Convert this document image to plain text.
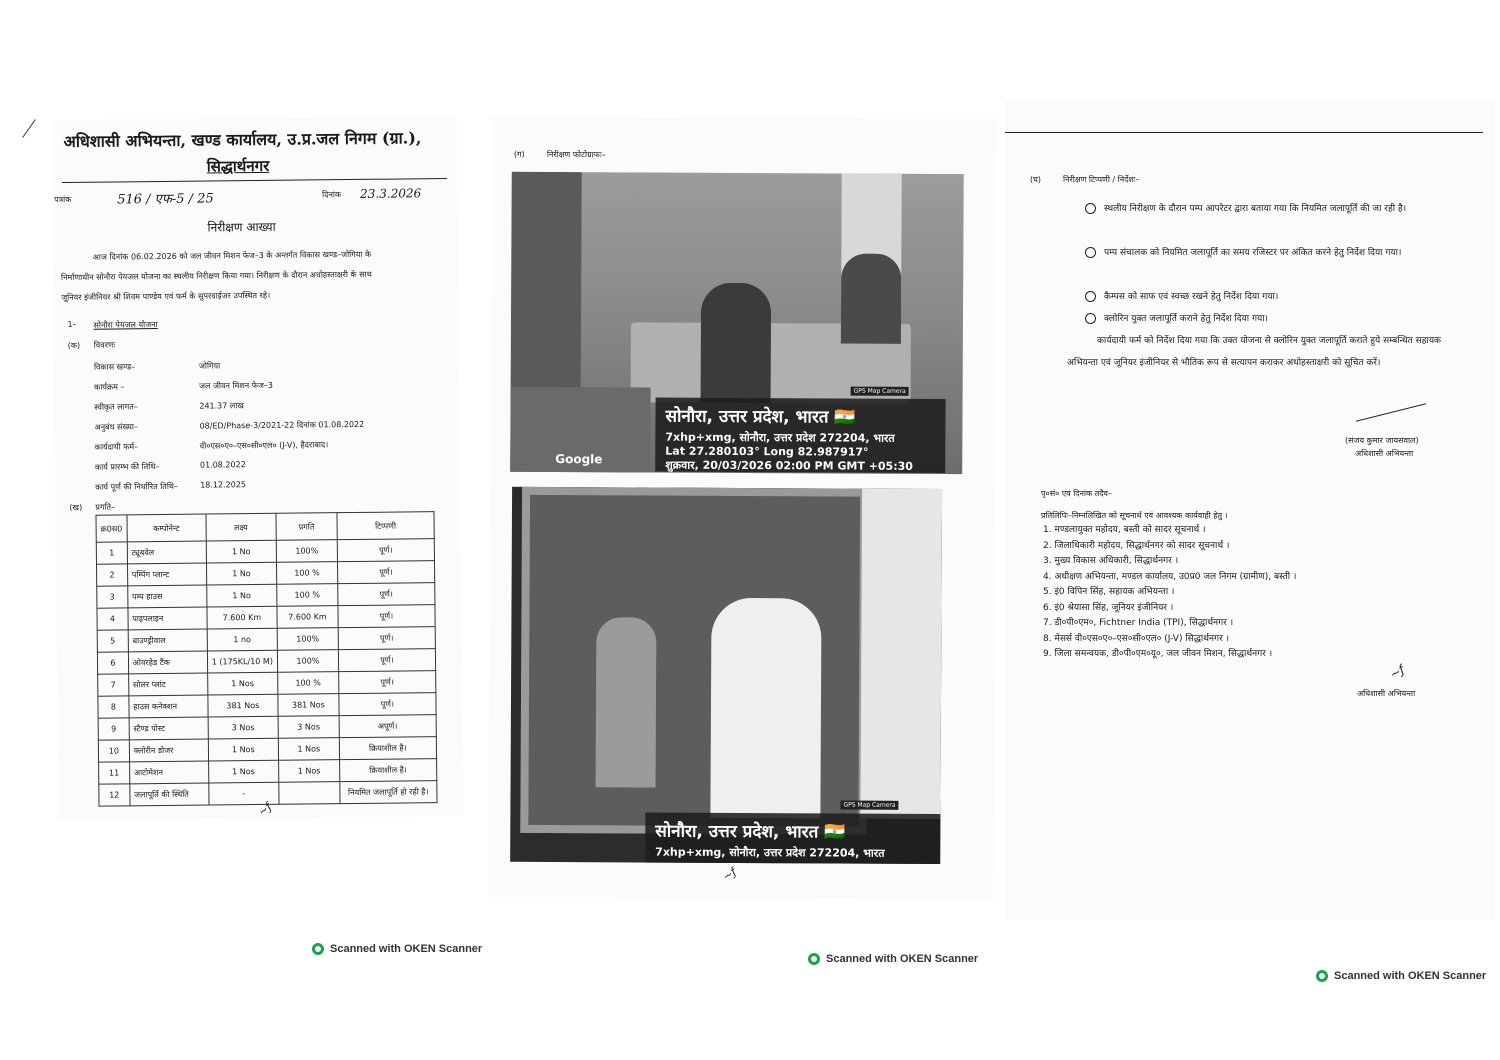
अधिशासी अभियन्ता, खण्ड कार्यालय, उ.प्र.जल निगम (ग्रा.),
सिद्धार्थनगर
पत्रांक	516 / एफ-5 / 25	दिनांक 23.3.2026
निरीक्षण आख्या
आज दिनांक 06.02.2026 को जल जीवन मिशन फेज–3 के अन्तर्गत विकास खण्ड–जोगिया के
निर्माणाधीन सोनौरा पेयजल योजना का स्थलीय निरीक्षण किया गया। निरीक्षण के दौरान अधोहस्ताक्षरी के साथ
जूनियर इंजीनियर श्री शिवम पाण्डेय एवं फर्म के सुपरवाईजर उपस्थित रहे।
1– सोनौरा पेयजल योजना
(क) विवरणः
विकास खण्ड–	जोगिया
कार्यक्रम –	जल जीवन मिशन फेज–3
स्वीकृत लागत–	241.37 लाख
अनुबंध संख्या–	08/ED/Phase-3/2021-22 दिनांक 01.08.2022
कार्यदायी फर्म–	वी०एस०ए०–एस०सी०एल० (J-V), हैदराबाद।
कार्य प्रारम्भ की तिथि–	01.08.2022
कार्य पूर्ण की निर्धारित तिथि–	18.12.2025
(ख) प्रगति–
क्र0स0	कम्पोनेन्ट	लक्ष्य	प्रगति	टिप्पणी
1	ट्यूबवेल	1 No	100%	पूर्ण।
2	पम्पिंग प्लान्ट	1 No	100 %	पूर्ण।
3	पम्प हाउस	1 No	100 %	पूर्ण।
4	पाइपलाइन	7.600 Km	7.600 Km	पूर्ण।
5	बाउण्ड्रीवाल	1 no	100%	पूर्ण।
6	ओवरहेड टैंक	1 (175KL/10 M)	100%	पूर्ण।
7	सोलर प्लांट	1 Nos	100 %	पूर्ण।
8	हाउस कनेक्शन	381 Nos	381 Nos	पूर्ण।
9	स्टैण्ड पोस्ट	3 Nos	3 Nos	अपूर्ण।
10	क्लोरीन डोजर	1 Nos	1 Nos	क्रियाशील है।
11	आटोमेशन	1 Nos	1 Nos	क्रियाशील है।
12	जलापूर्ति की स्थिति	-		नियमित जलापूर्ति हो रही है।
∼ƒ
(ग)	निरीक्षण फोटोग्राफः–
Google
GPS Map Camera
सोनौरा, उत्तर प्रदेश, भारत 🇮🇳
7xhp+xmg, सोनौरा, उत्तर प्रदेश 272204, भारत
Lat 27.280103° Long 82.987917°
शुक्रवार, 20/03/2026 02:00 PM GMT +05:30
GPS Map Camera
सोनौरा, उत्तर प्रदेश, भारत 🇮🇳
7xhp+xmg, सोनौरा, उत्तर प्रदेश 272204, भारत
∼ƒ
(घ)	निरीक्षण टिप्पणी / निर्देशः–
स्थलीय निरीक्षण के दौरान पम्प आपरेटर द्वारा बताया गया कि नियमित जलापूर्ति की जा रही है।
पम्प संचालक को नियमित जलापूर्ति का समय रजिस्टर पर अंकित करने हेतु निर्देश दिया गया।
कैम्पस को साफ एवं स्वच्छ रखने हेतु निर्देश दिया गया।
क्लोरिन युक्त जलापूर्ति कराने हेतु निर्देश दिया गया।
कार्यदायी फर्म को निर्देश दिया गया कि उक्त योजना से क्लोरिन युक्त जलापूर्ति कराते हुये सम्बन्धित सहायक अभियन्ता एवं जूनियर इंजीनियर से भौतिक रूप से सत्यापन कराकर अधोहस्ताक्षरी को सूचित करें।
(संजय कुमार जायसवाल)
अधिशासी अभियन्ता
पृ०सं० एवं दिनांक तदैव–
प्रतिलिपिः–निम्नलिखित को सूचनार्थ एवं आवश्यक कार्यवाही हेतु ।
1. मण्डलायुक्त महोदय, बस्ती को सादर सूचनार्थ ।
2. जिलाधिकारी महोदय, सिद्धार्थनगर को सादर सूचनार्थ ।
3. मुख्य विकास अधिकारी, सिद्धार्थनगर ।
4. अधीक्षण अभियन्ता, मण्डल कार्यालय, उ0प्र0 जल निगम (ग्रामीण), बस्ती ।
5. इं0 विपिन सिंह, सहायक अभियन्ता ।
6. इं0 श्रेयासा सिंह, जूनियर इंजीनियर ।
7. डी०पी०एम०, Fichtner India (TPI), सिद्धार्थनगर ।
8. मेसर्स वी०एस०ए०–एस०सी०एल० (J-V) सिद्धार्थनगर ।
9. जिला समन्वयक, डी०पी०एम०यू०, जल जीवन मिशन, सिद्धार्थनगर ।
∼ƒ
अधिशासी अभियन्ता
Scanned with OKEN Scanner
Scanned with OKEN Scanner
Scanned with OKEN Scanner
